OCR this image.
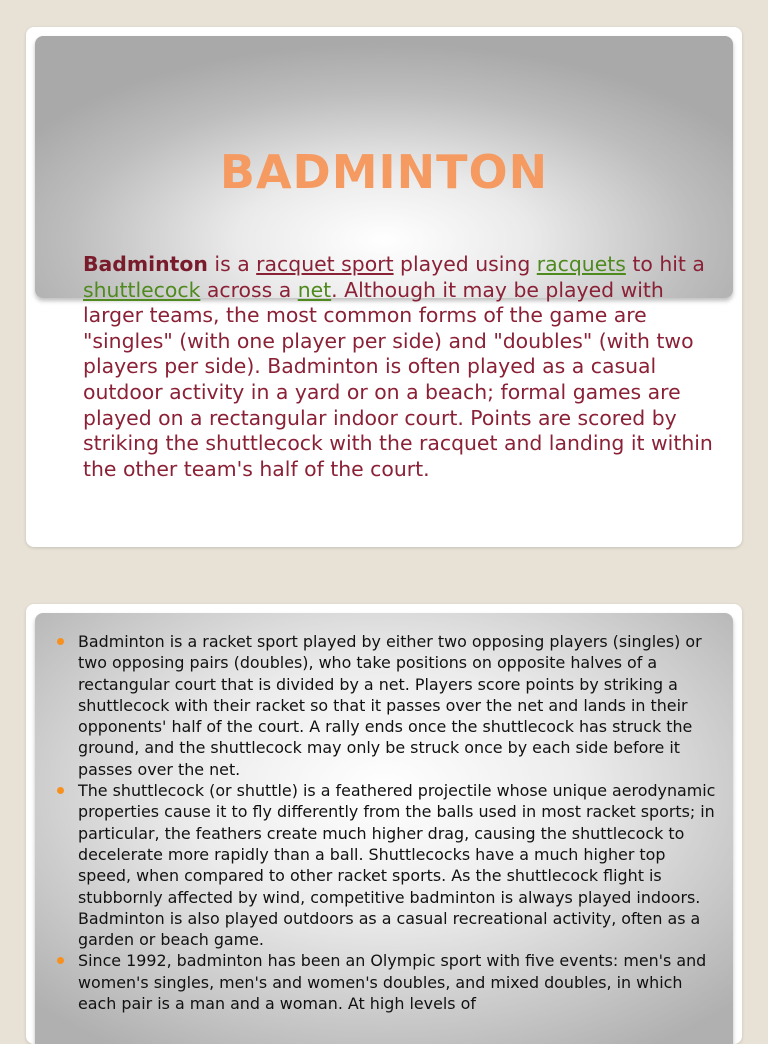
BADMINTON

Badminton is a racquet sport played using racquets to hit a shuttlecock across a net. Although it may be played with larger teams, the most common forms of the game are "singles" (with one player per side) and "doubles" (with two players per side). Badminton is often played as a casual outdoor activity in a yard or on a beach; formal games are played on a rectangular indoor court. Points are scored by striking the shuttlecock with the racquet and landing it within the other team's half of the court.

Badminton is a racket sport played by either two opposing players (singles) or two opposing pairs (doubles), who take positions on opposite halves of a rectangular court that is divided by a net. Players score points by striking a shuttlecock with their racket so that it passes over the net and lands in their opponents' half of the court. A rally ends once the shuttlecock has struck the ground, and the shuttlecock may only be struck once by each side before it passes over the net.
The shuttlecock (or shuttle) is a feathered projectile whose unique aerodynamic properties cause it to fly differently from the balls used in most racket sports; in particular, the feathers create much higher drag, causing the shuttlecock to decelerate more rapidly than a ball. Shuttlecocks have a much higher top speed, when compared to other racket sports. As the shuttlecock flight is stubbornly affected by wind, competitive badminton is always played indoors. Badminton is also played outdoors as a casual recreational activity, often as a garden or beach game.
Since 1992, badminton has been an Olympic sport with five events: men's and women's singles, men's and women's doubles, and mixed doubles, in which each pair is a man and a woman. At high levels of
